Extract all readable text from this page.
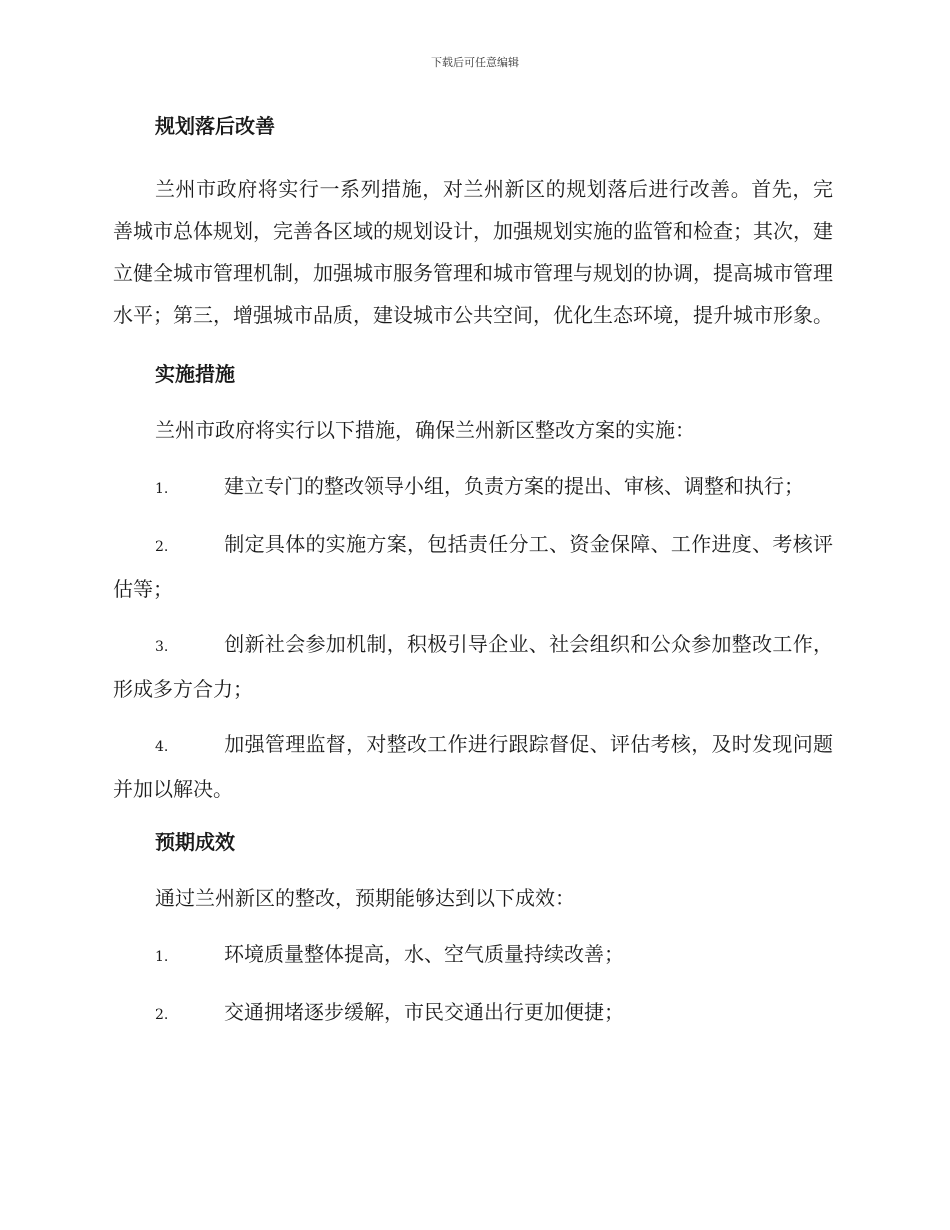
下载后可任意编辑
规划落后改善

兰州市政府将实行一系列措施，对兰州新区的规划落后进行改善。首先，完善城市总体规划，完善各区域的规划设计，加强规划实施的监管和检查；其次，建立健全城市管理机制，加强城市服务管理和城市管理与规划的协调，提高城市管理水平；第三，增强城市品质，建设城市公共空间，优化生态环境，提升城市形象。

实施措施

兰州市政府将实行以下措施，确保兰州新区整改方案的实施：

1.	建立专门的整改领导小组，负责方案的提出、审核、调整和执行；

2.	制定具体的实施方案，包括责任分工、资金保障、工作进度、考核评估等；

3.	创新社会参加机制，积极引导企业、社会组织和公众参加整改工作，形成多方合力；

4.	加强管理监督，对整改工作进行跟踪督促、评估考核，及时发现问题并加以解决。

预期成效

通过兰州新区的整改，预期能够达到以下成效：

1.	环境质量整体提高，水、空气质量持续改善；

2.	交通拥堵逐步缓解，市民交通出行更加便捷；
